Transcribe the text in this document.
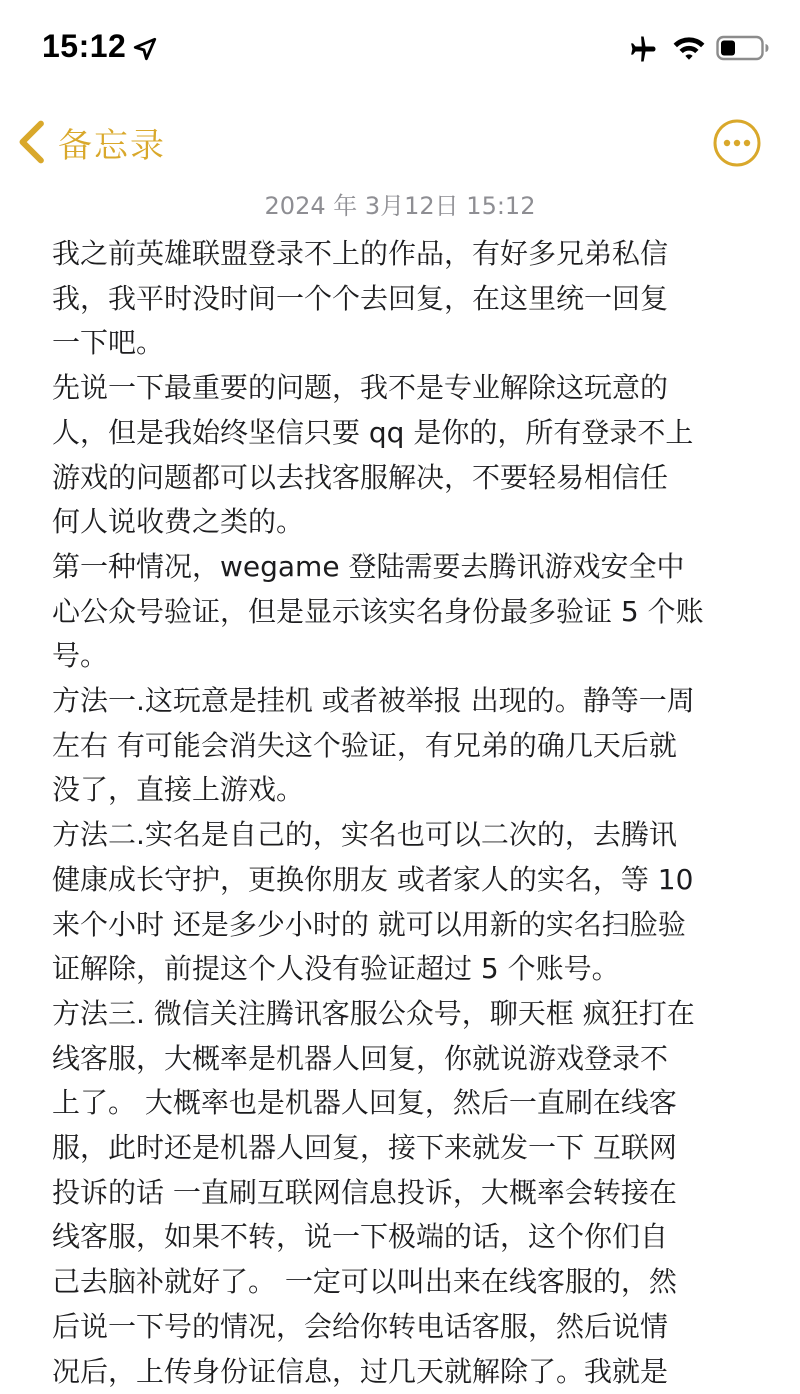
15:12
备忘录
2024 年 3月12日 15:12

我之前英雄联盟登录不上的作品，有好多兄弟私信
我，我平时没时间一个个去回复，在这里统一回复
一下吧。

先说一下最重要的问题，我不是专业解除这玩意的
人，但是我始终坚信只要 qq 是你的，所有登录不上
游戏的问题都可以去找客服解决，不要轻易相信任
何人说收费之类的。

第一种情况，wegame 登陆需要去腾讯游戏安全中
心公众号验证，但是显示该实名身份最多验证 5 个账
号。

方法一.这玩意是挂机 或者被举报 出现的。静等一周
左右 有可能会消失这个验证，有兄弟的确几天后就
没了，直接上游戏。

方法二.实名是自己的，实名也可以二次的，去腾讯
健康成长守护，更换你朋友 或者家人的实名，等 10
来个小时 还是多少小时的 就可以用新的实名扫脸验
证解除，前提这个人没有验证超过 5 个账号。

方法三. 微信关注腾讯客服公众号，聊天框 疯狂打在
线客服，大概率是机器人回复，你就说游戏登录不
上了。 大概率也是机器人回复，然后一直刷在线客
服，此时还是机器人回复，接下来就发一下 互联网
投诉的话 一直刷互联网信息投诉，大概率会转接在
线客服，如果不转，说一下极端的话，这个你们自
己去脑补就好了。 一定可以叫出来在线客服的，然
后说一下号的情况，会给你转电话客服，然后说情
况后，上传身份证信息，过几天就解除了。我就是
